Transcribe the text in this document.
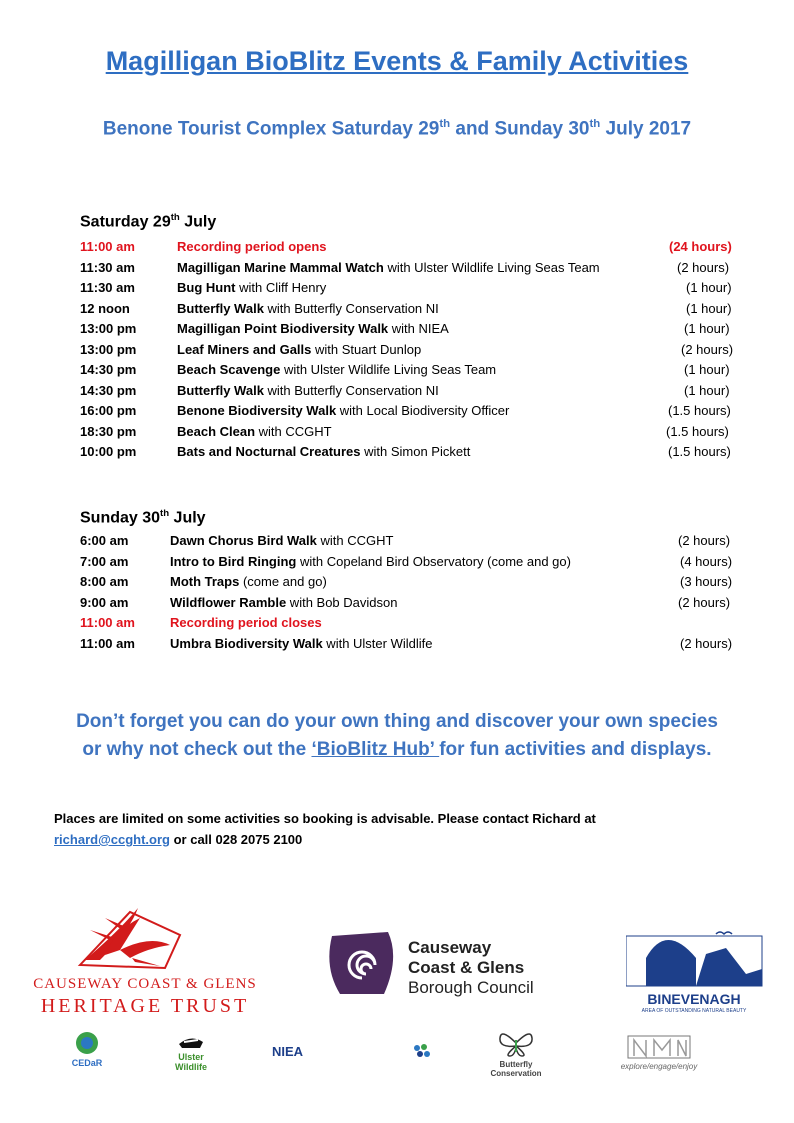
Magilligan BioBlitz Events & Family Activities
Benone Tourist Complex Saturday 29th and Sunday 30th July 2017
Saturday 29th July
11:00 am	Recording period opens	(24 hours)
11:30 am	Magilligan Marine Mammal Watch with Ulster Wildlife Living Seas Team	(2 hours)
11:30 am	Bug Hunt with Cliff Henry	(1 hour)
12 noon	Butterfly Walk with Butterfly Conservation NI	(1 hour)
13:00 pm	Magilligan Point Biodiversity Walk with NIEA	(1 hour)
13:00 pm	Leaf Miners and Galls with Stuart Dunlop	(2 hours)
14:30 pm	Beach Scavenge with Ulster Wildlife Living Seas Team	(1 hour)
14:30 pm	Butterfly Walk with Butterfly Conservation NI	(1 hour)
16:00 pm	Benone Biodiversity Walk with Local Biodiversity Officer	(1.5 hours)
18:30 pm	Beach Clean with CCGHT	(1.5 hours)
10:00 pm	Bats and Nocturnal Creatures with Simon Pickett	(1.5 hours)
Sunday 30th July
6:00 am	Dawn Chorus Bird Walk with CCGHT	(2 hours)
7:00 am	Intro to Bird Ringing with Copeland Bird Observatory (come and go)	(4 hours)
8:00 am	Moth Traps (come and go)	(3 hours)
9:00 am	Wildflower Ramble with Bob Davidson	(2 hours)
11:00 am	Recording period closes
11:00 am	Umbra Biodiversity Walk with Ulster Wildlife	(2 hours)
Don’t forget you can do your own thing and discover your own species
or why not check out the ‘BioBlitz Hub’ for fun activities and displays.
Places are limited on some activities so booking is advisable. Please contact Richard at
richard@ccght.org or call 028 2075 2100
CAUSEWAY COAST & GLENS
HERITAGE TRUST
Causeway
Coast & Glens
Borough Council
BINEVENAGH
AREA OF OUTSTANDING NATURAL BEAUTY
CEDaR
Ulster Wildlife
NIEA
Butterfly Conservation
explore/engage/enjoy
